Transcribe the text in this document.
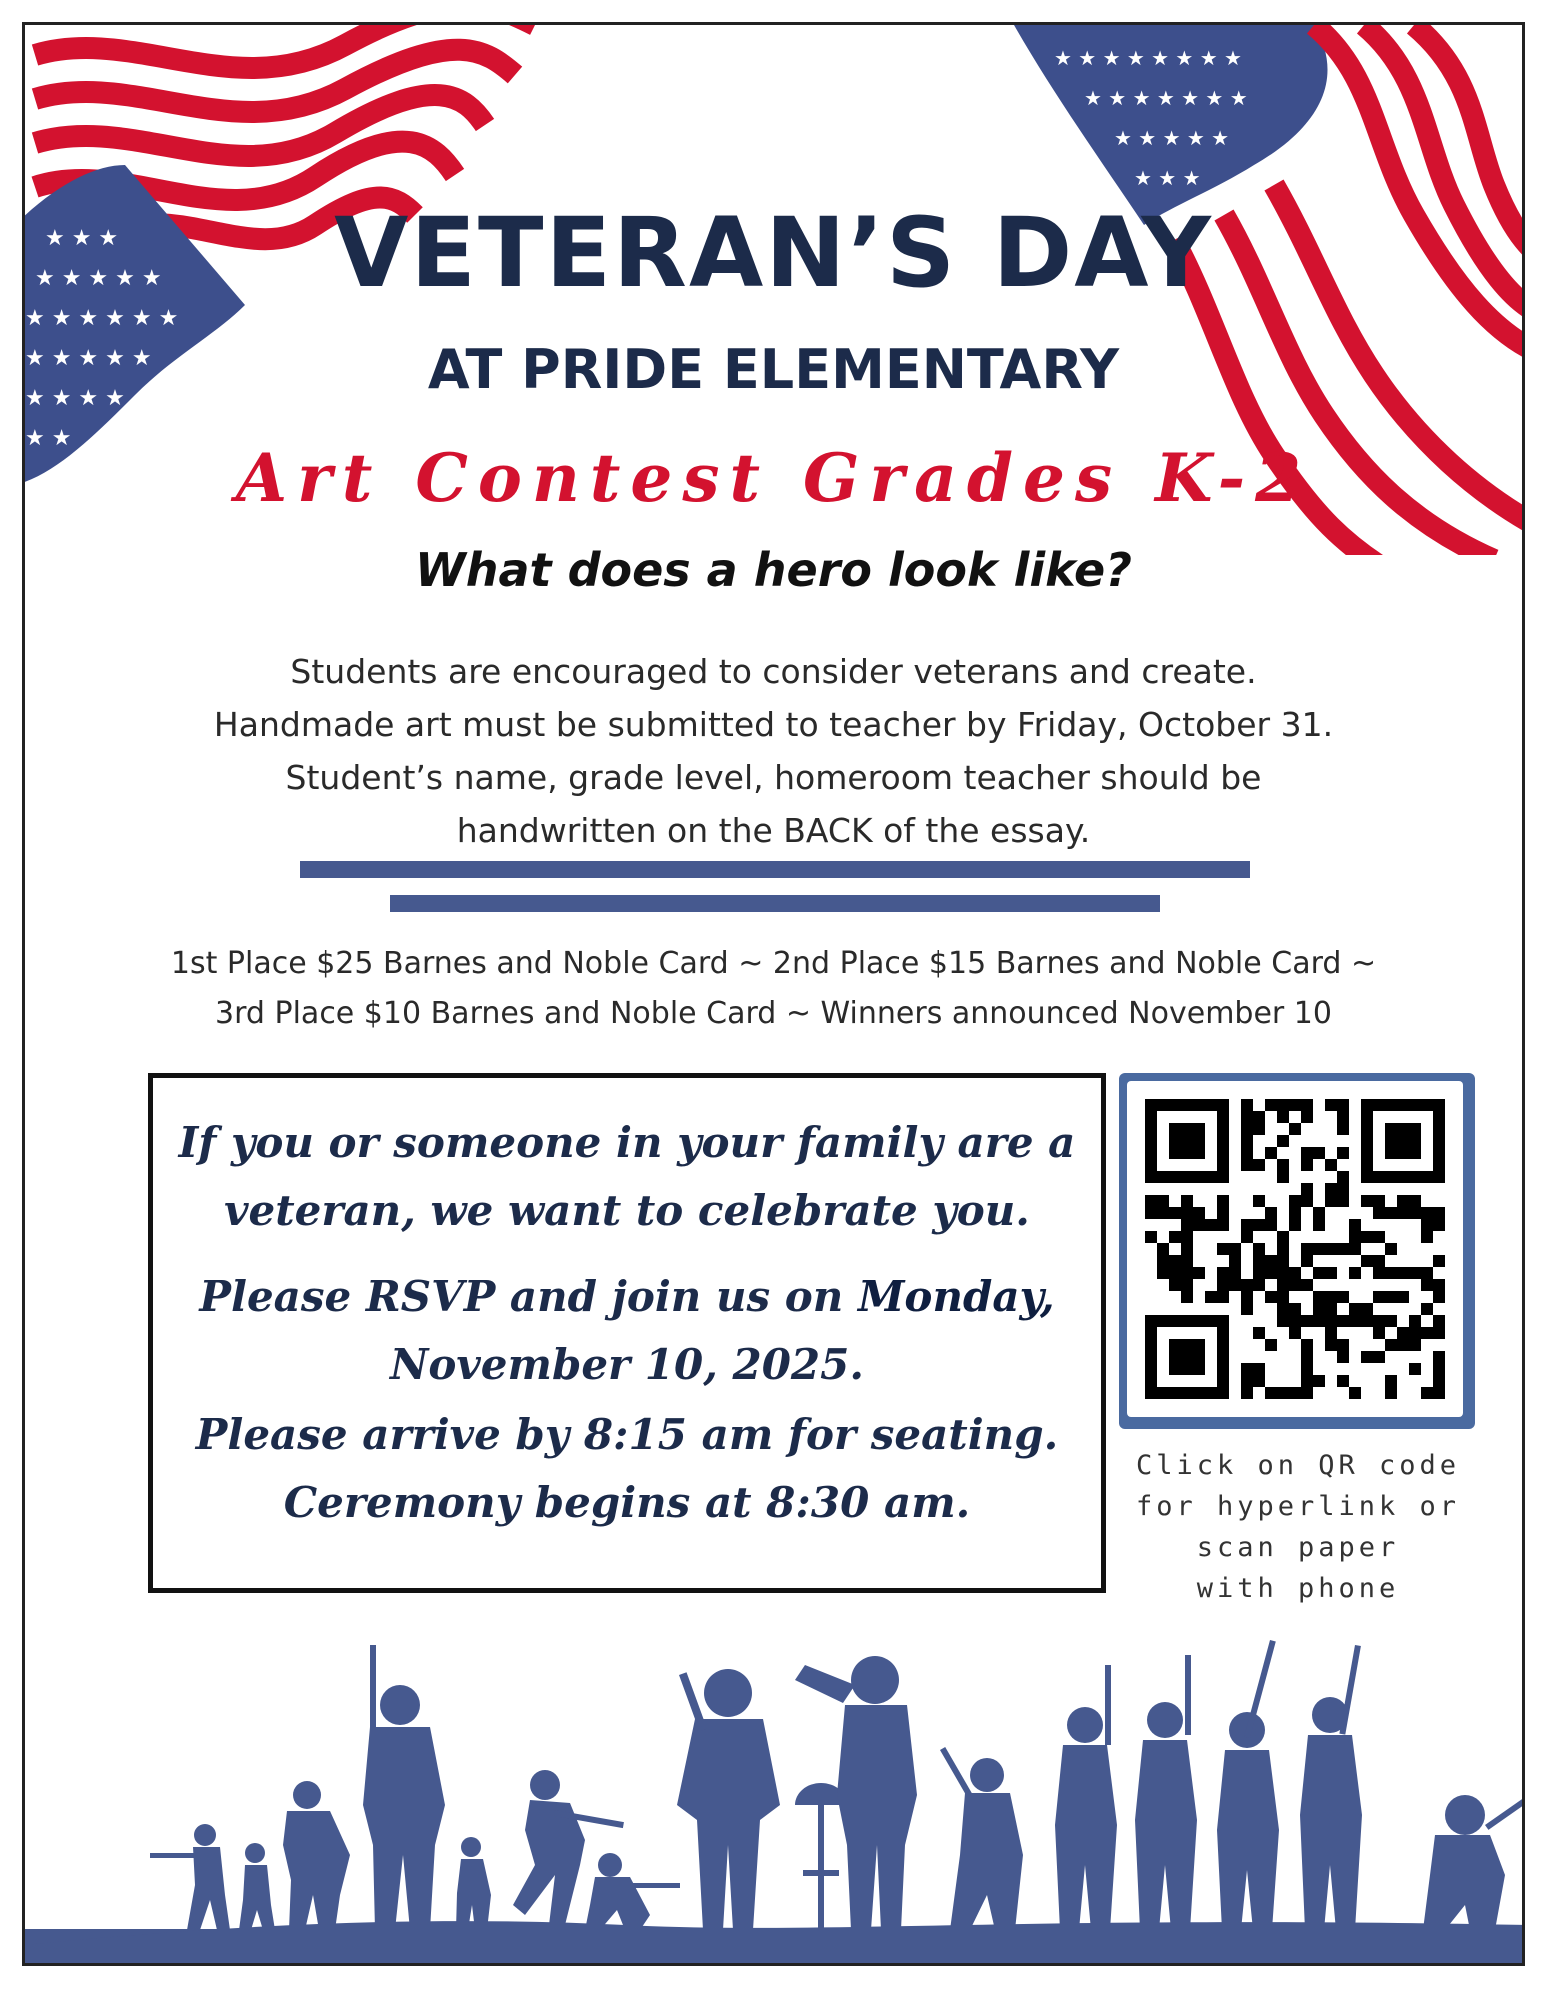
★ ★ ★
★ ★ ★ ★ ★
★ ★ ★ ★ ★ ★
★ ★ ★ ★ ★
★ ★ ★ ★
★ ★
★ ★ ★ ★ ★ ★ ★ ★
★ ★ ★ ★ ★ ★ ★
★ ★ ★ ★ ★
★ ★ ★
VETERAN’S DAY
AT PRIDE ELEMENTARY
Art Contest Grades K-2
What does a hero look like?
Students are encouraged to consider veterans and create.
Handmade art must be submitted to teacher by Friday, October 31.
Student’s name, grade level, homeroom teacher should be
handwritten on the BACK of the essay.
1st Place $25 Barnes and Noble Card ~ 2nd Place $15 Barnes and Noble Card ~
3rd Place $10 Barnes and Noble Card ~ Winners announced November 10
If you or someone in your family are a
veteran, we want to celebrate you.
Please RSVP and join us on Monday,
November 10, 2025.
Please arrive by 8:15 am for seating.
Ceremony begins at 8:30 am.
Click on QR code
for hyperlink or
scan paper
with phone
